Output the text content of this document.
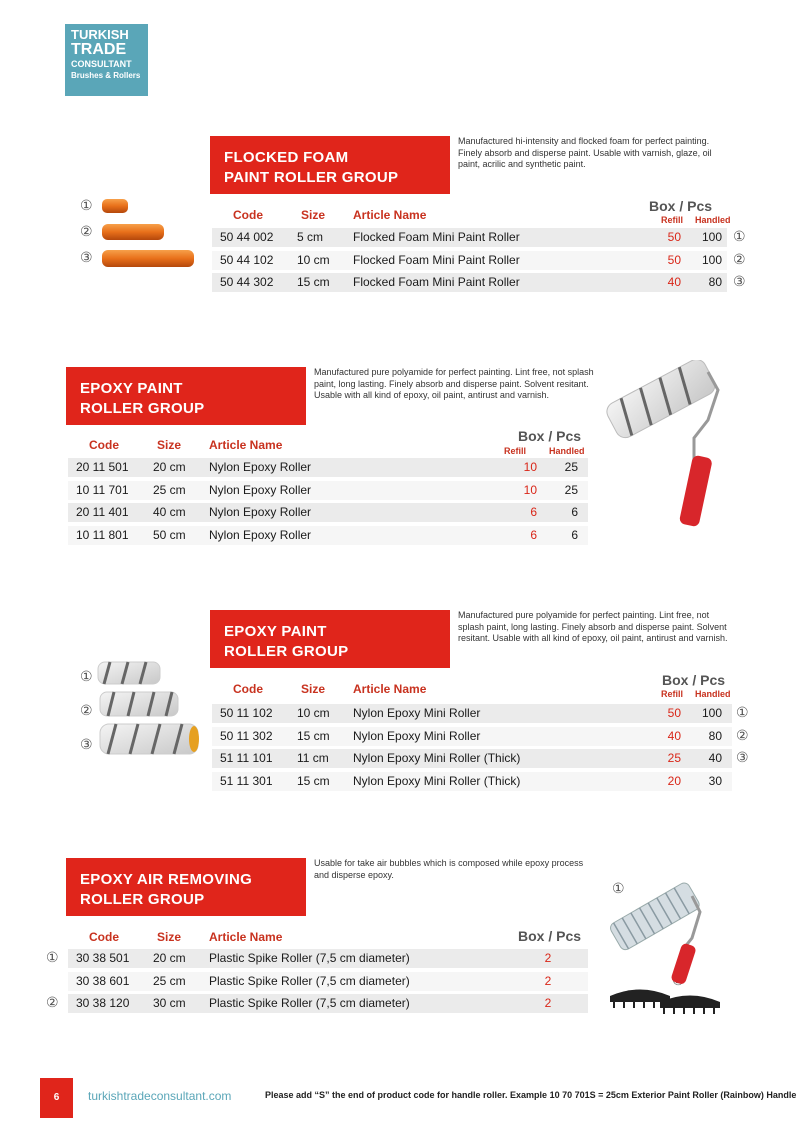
TURKISH
TRADE
CONSULTANT
Brushes & Rollers
FLOCKED FOAM
PAINT ROLLER GROUP
Manufactured hi-intensity and flocked foam for perfect painting. Finely absorb and disperse paint. Usable with varnish, glaze, oil paint, acrilic and synthetic paint.
①
②
③
Code	Size Article Name
Box / Pcs
Refill Handled
50 44 002 5 cm Flocked Foam Mini Paint Roller	50	100 ①
50 44 102 10 cm Flocked Foam Mini Paint Roller	50	100 ②
50 44 302 15 cm Flocked Foam Mini Paint Roller	40	80 ③
EPOXY PAINT
ROLLER GROUP
Manufactured pure polyamide for perfect painting. Lint free, not splash paint, long lasting. Finely absorb and disperse paint. Solvent resitant. Usable with all kind of epoxy, oil paint, antirust and varnish.
Code	Size Article Name
Box / Pcs
Refill	Handled
20 11 501 20 cm Nylon Epoxy Roller	10	25
10 11 701 25 cm Nylon Epoxy Roller	10	25
20 11 401 40 cm Nylon Epoxy Roller	6	6
10 11 801 50 cm Nylon Epoxy Roller	6	6
EPOXY PAINT
ROLLER GROUP
Manufactured pure polyamide for perfect painting. Lint free, not splash paint, long lasting. Finely absorb and disperse paint. Solvent resitant. Usable with all kind of epoxy, oil paint, antirust and varnish.
①
②
③
Code	Size Article Name
Box / Pcs
Refill Handled
50 11 102 10 cm Nylon Epoxy Mini Roller	50	100 ①
50 11 302 15 cm Nylon Epoxy Mini Roller	40	80 ②
51 11 101 11 cm Nylon Epoxy Mini Roller (Thick)	25	40 ③
51 11 301 15 cm Nylon Epoxy Mini Roller (Thick)	20	30
EPOXY AIR REMOVING
ROLLER GROUP
Usable for take air bubbles which is composed while epoxy process and disperse epoxy.
Code	Size Article Name	Box / Pcs
30 38 501 20 cm Plastic Spike Roller (7,5 cm diameter)	2
①
30 38 601 25 cm Plastic Spike Roller (7,5 cm diameter)	2
30 38 120 30 cm Plastic Spike Roller (7,5 cm diameter)	2
②
①
6	turkishtradeconsultant.com	Please add “S” the end of product code for handle roller. Example 10 70 701S = 25cm Exterior Paint Roller (Rainbow) Handle
